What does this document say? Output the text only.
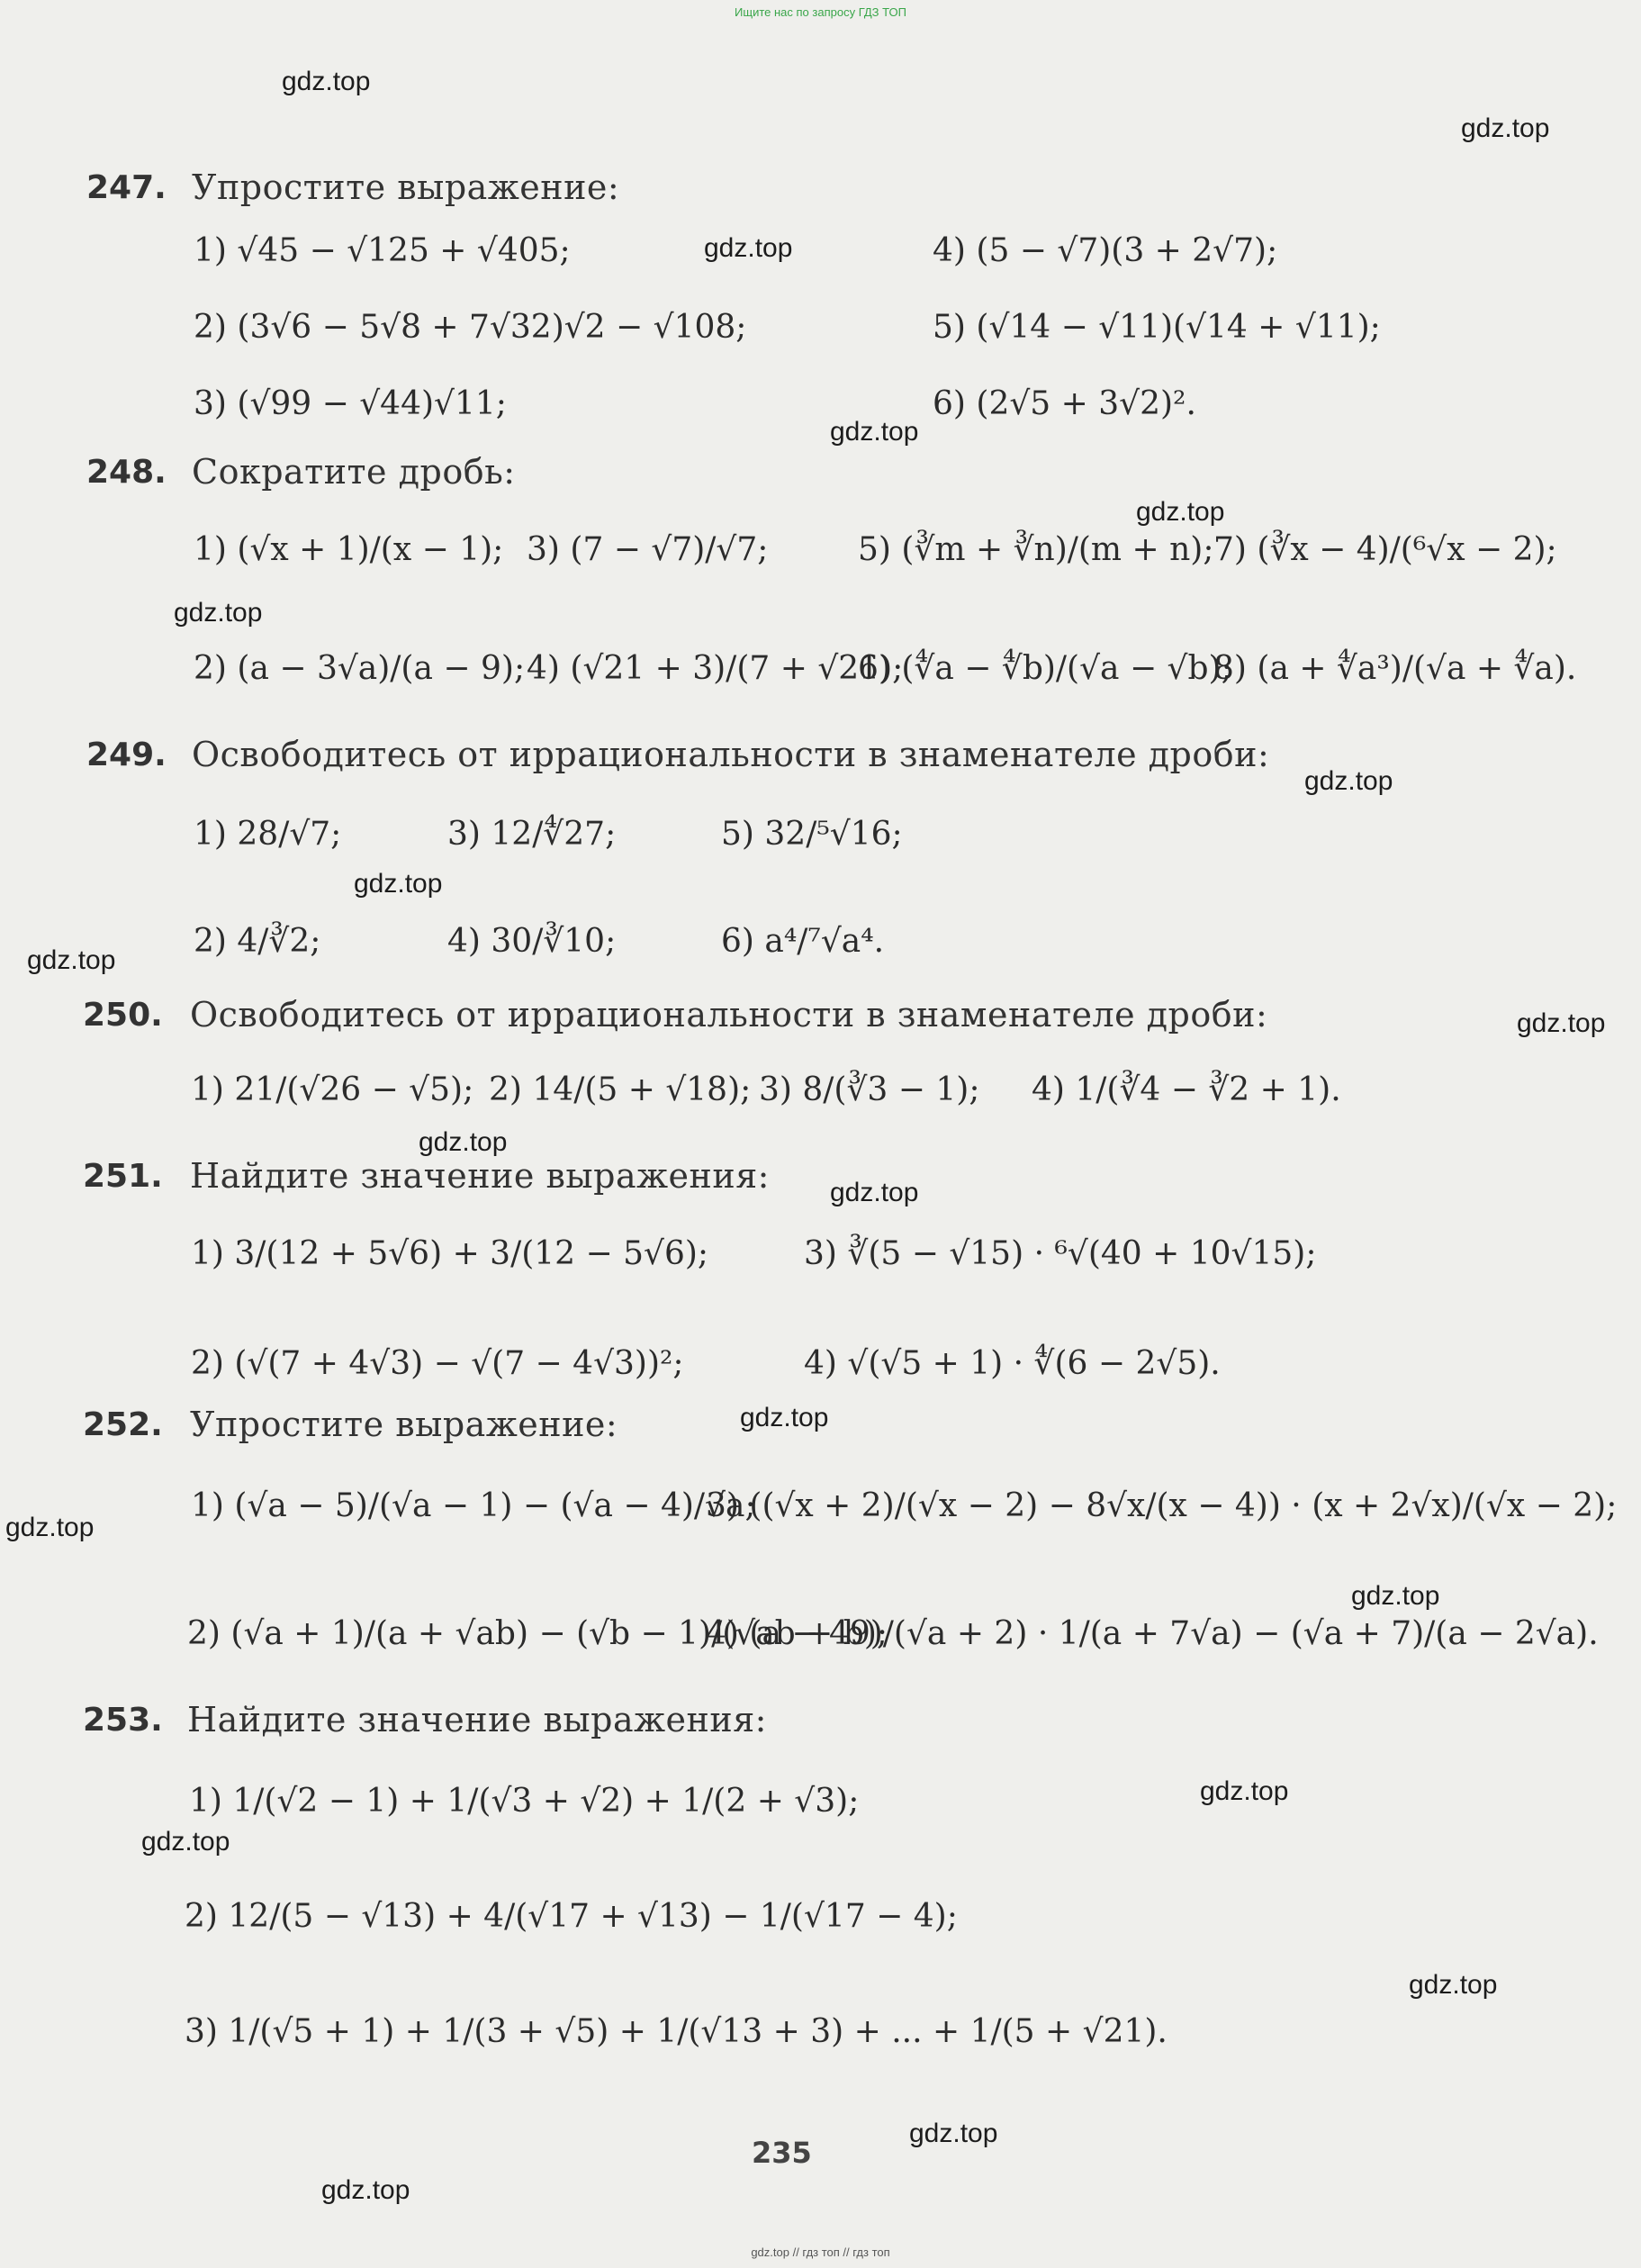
Ищите нас по запросу ГДЗ ТОП
gdz.top // гдз топ // гдз топ
gdz.top
gdz.top
gdz.top
gdz.top
gdz.top
gdz.top
gdz.top
gdz.top
gdz.top
gdz.top
gdz.top
gdz.top
gdz.top
gdz.top
gdz.top
gdz.top
gdz.top
gdz.top
gdz.top
gdz.top
247. Упростите выражение:
1) √45 − √125 + √405;
2) (3√6 − 5√8 + 7√32)√2 − √108;
3) (√99 − √44)√11;
4) (5 − √7)(3 + 2√7);
5) (√14 − √11)(√14 + √11);
6) (2√5 + 3√2)².
248. Сократите дробь:
1) (√x + 1)/(x − 1); 3) (7 − √7)/√7;	5) (∛m + ∛n)/(m + n); 7) (∛x − 4)/(⁶√x − 2);
2) (a − 3√a)/(a − 9); 4) (√21 + 3)/(7 + √21);
6) (∜a − ∜b)/(√a − √b);
8) (a + ∜a³)/(√a + ∜a).
249. Освободитесь от иррациональности в знаменателе дроби:
1) 28/√7;	3) 12/∜27;	5) 32/⁵√16;
2) 4/∛2;	4) 30/∛10;	6) a⁴/⁷√a⁴.
250. Освободитесь от иррациональности в знаменателе дроби:
1) 21/(√26 − √5); 2) 14/(5 + √18); 3) 8/(∛3 − 1); 4) 1/(∛4 − ∛2 + 1).
251. Найдите значение выражения:
1) 3/(12 + 5√6) + 3/(12 − 5√6);	3) ∛(5 − √15) · ⁶√(40 + 10√15);
2) (√(7 + 4√3) − √(7 − 4√3))²;	4) √(√5 + 1) · ∜(6 − 2√5).
252. Упростите выражение:
1) (√a − 5)/(√a − 1) − (√a − 4)/√a;
3) ((√x + 2)/(√x − 2) − 8√x/(x − 4)) · (x + 2√x)/(√x − 2);
2) (√a + 1)/(a + √ab) − (√b − 1)/(√ab + b);
4) (a − 49)/(√a + 2) · 1/(a + 7√a) − (√a + 7)/(a − 2√a).
253. Найдите значение выражения:
1) 1/(√2 − 1) + 1/(√3 + √2) + 1/(2 + √3);
2) 12/(5 − √13) + 4/(√17 + √13) − 1/(√17 − 4);
3) 1/(√5 + 1) + 1/(3 + √5) + 1/(√13 + 3) + ... + 1/(5 + √21).
235
